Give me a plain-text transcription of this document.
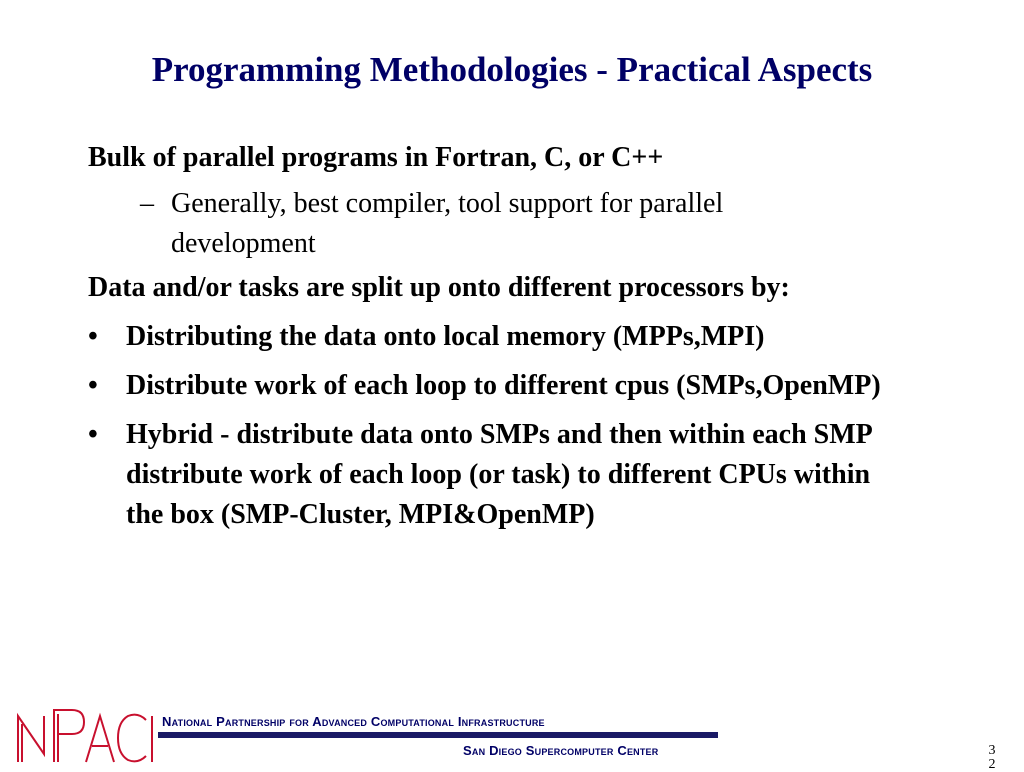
Programming Methodologies - Practical Aspects

Bulk of parallel programs in Fortran, C, or C++

– Generally, best compiler, tool support for parallel development

Data and/or tasks are split up onto different processors by:

• Distributing the data onto local memory (MPPs,MPI)
• Distribute work of each loop to different cpus (SMPs,OpenMP)
• Hybrid - distribute data onto SMPs and then within each SMP distribute work of each loop (or task) to different CPUs within the box (SMP-Cluster, MPI&OpenMP)
National Partnership for Advanced Computational Infrastructure
San Diego Supercomputer Center	3 2
